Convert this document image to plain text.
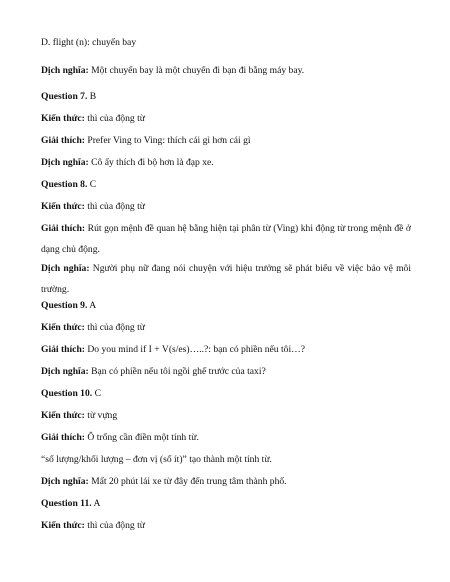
D. flight (n): chuyến bay
Dịch nghĩa: Một chuyến bay là một chuyến đi bạn đi bằng máy bay.
Question 7. B
Kiến thức: thì của động từ
Giải thích: Prefer Ving to Ving: thích cái gì hơn cái gì
Dịch nghĩa: Cô ấy thích đi bộ hơn là đạp xe.
Question 8. C
Kiến thức: thì của động từ
Giải thích: Rút gọn mệnh đề quan hệ bằng hiện tại phân từ (Ving) khi động từ trong mệnh đề ở dạng chủ động.
Dịch nghĩa: Người phụ nữ đang nói chuyện với hiệu trưởng sẽ phát biểu về việc bảo vệ môi trường.
Question 9. A
Kiến thức: thì của động từ
Giải thích: Do you mind if I + V(s/es)…..?: bạn có phiền nếu tôi…?
Dịch nghĩa: Bạn có phiền nếu tôi ngồi ghế trước của taxi?
Question 10. C
Kiến thức: từ vựng
Giải thích: Ô trống cần điền một tính từ.
“số lượng/khối lượng – đơn vị (số ít)” tạo thành một tính từ.
Dịch nghĩa: Mất 20 phút lái xe từ đây đến trung tâm thành phố.
Question 11. A
Kiến thức: thì của động từ
